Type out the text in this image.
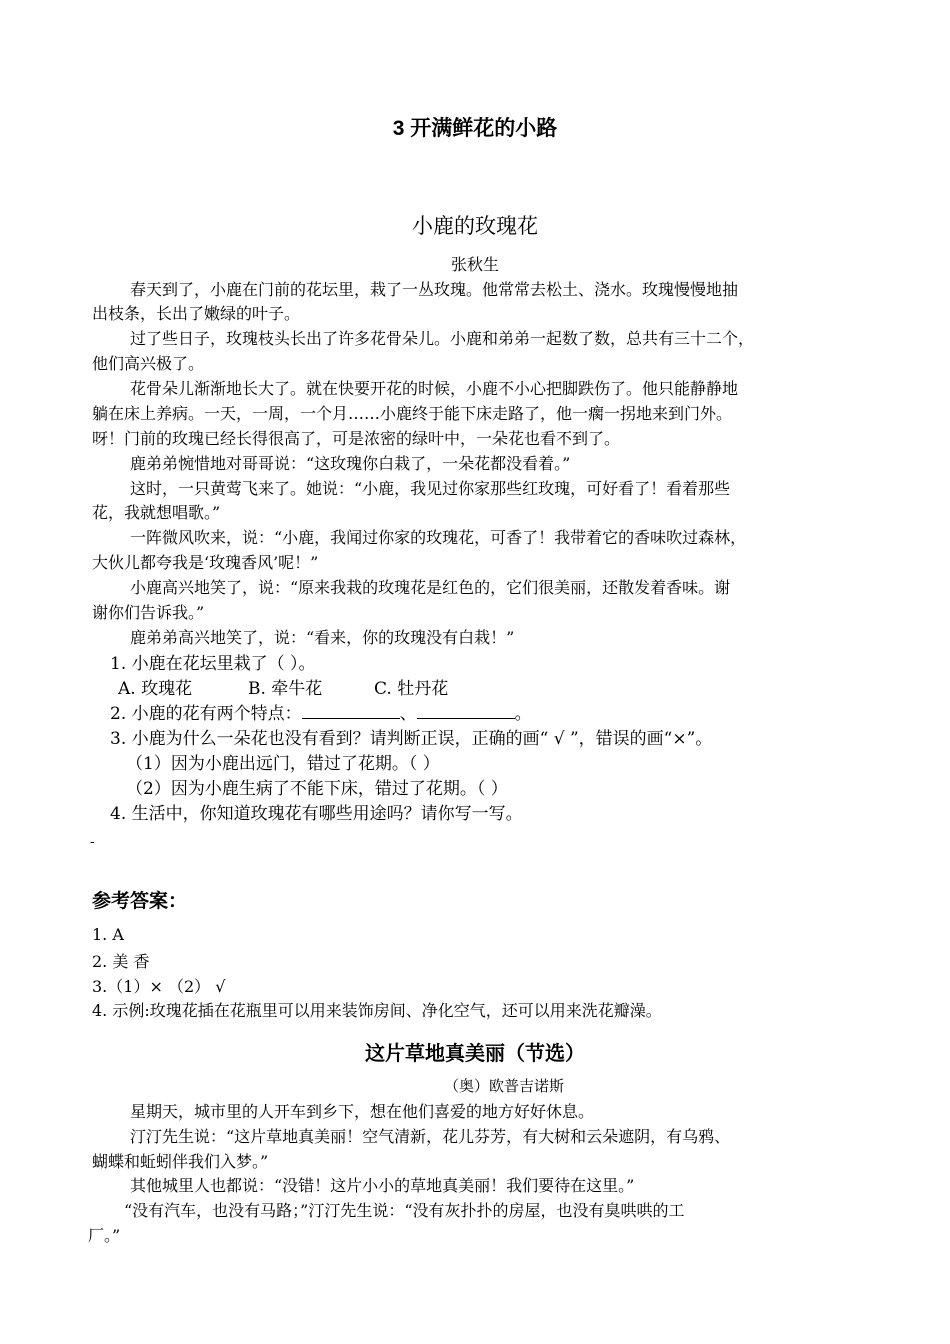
3 开满鲜花的小路
小鹿的玫瑰花
张秋生
春天到了，小鹿在门前的花坛里，栽了一丛玫瑰。他常常去松土、浇水。玫瑰慢慢地抽
出枝条，长出了嫩绿的叶子。
过了些日子，玫瑰枝头长出了许多花骨朵儿。小鹿和弟弟一起数了数，总共有三十二个，
他们高兴极了。
花骨朵儿渐渐地长大了。就在快要开花的时候，小鹿不小心把脚跌伤了。他只能静静地
躺在床上养病。一天，一周，一个月……小鹿终于能下床走路了，他一瘸一拐地来到门外。
呀！门前的玫瑰已经长得很高了，可是浓密的绿叶中，一朵花也看不到了。
鹿弟弟惋惜地对哥哥说：“这玫瑰你白栽了，一朵花都没看着。”
这时，一只黄莺飞来了。她说：“小鹿，我见过你家那些红玫瑰，可好看了！看着那些
花，我就想唱歌。”
一阵微风吹来，说：“小鹿，我闻过你家的玫瑰花，可香了！我带着它的香味吹过森林，
大伙儿都夸我是‘玫瑰香风’呢！”
小鹿高兴地笑了，说：“原来我栽的玫瑰花是红色的，它们很美丽，还散发着香味。谢
谢你们告诉我。”
鹿弟弟高兴地笑了，说：“看来，你的玫瑰没有白栽！”
1. 小鹿在花坛里栽了（ ）。
A. 玫瑰花	B. 牵牛花	C. 牡丹花
2. 小鹿的花有两个特点：	、	。
3. 小鹿为什么一朵花也没有看到？请判断正误，正确的画“ √ ”，错误的画“×”。
（1）因为小鹿出远门，错过了花期。（ ）
（2）因为小鹿生病了不能下床，错过了花期。（ ）
4. 生活中，你知道玫瑰花有哪些用途吗？请你写一写。
-
参考答案：
1. A
2. 美 香
3.（1）× （2） √
4. 示例:玫瑰花插在花瓶里可以用来装饰房间、净化空气，还可以用来洗花瓣澡。
这片草地真美丽（节选）
（奥）欧普吉诺斯
星期天，城市里的人开车到乡下，想在他们喜爱的地方好好休息。
汀汀先生说：“这片草地真美丽！空气清新，花儿芬芳，有大树和云朵遮阴，有乌鸦、
蝴蝶和蚯蚓伴我们入梦。”
其他城里人也都说：“没错！这片小小的草地真美丽！我们要待在这里。”
“没有汽车，也没有马路；”汀汀先生说：“没有灰扑扑的房屋，也没有臭哄哄的工
厂。”
